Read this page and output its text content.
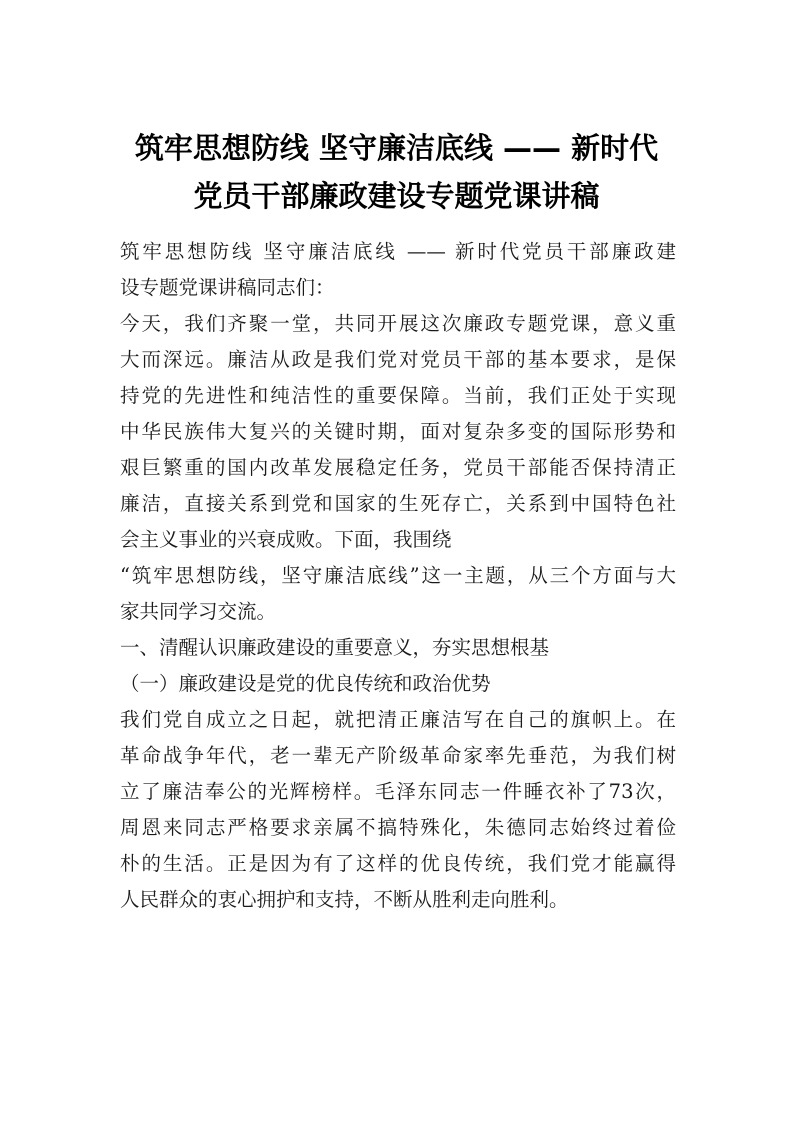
筑牢思想防线 坚守廉洁底线 —— 新时代
党员干部廉政建设专题党课讲稿
筑牢思想防线 坚守廉洁底线 —— 新时代党员干部廉政建
设专题党课讲稿同志们：
今天，我们齐聚一堂，共同开展这次廉政专题党课，意义重
大而深远。廉洁从政是我们党对党员干部的基本要求，是保
持党的先进性和纯洁性的重要保障。当前，我们正处于实现
中华民族伟大复兴的关键时期，面对复杂多变的国际形势和
艰巨繁重的国内改革发展稳定任务，党员干部能否保持清正
廉洁，直接关系到党和国家的生死存亡，关系到中国特色社
会主义事业的兴衰成败。下面，我围绕
“筑牢思想防线，坚守廉洁底线”这一主题，从三个方面与大
家共同学习交流。
一、清醒认识廉政建设的重要意义，夯实思想根基
（一）廉政建设是党的优良传统和政治优势
我们党自成立之日起，就把清正廉洁写在自己的旗帜上。在
革命战争年代，老一辈无产阶级革命家率先垂范，为我们树
立了廉洁奉公的光辉榜样。毛泽东同志一件睡衣补了73次，
周恩来同志严格要求亲属不搞特殊化，朱德同志始终过着俭
朴的生活。正是因为有了这样的优良传统，我们党才能赢得
人民群众的衷心拥护和支持，不断从胜利走向胜利。
